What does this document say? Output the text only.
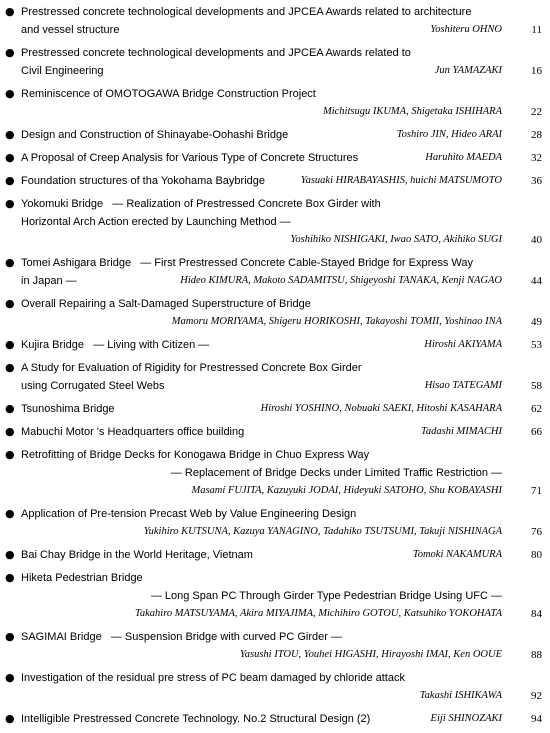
● Prestressed concrete technological developments and JPCEA Awards related to architecture
and vessel structure	Yoshiteru OHNO	11
● Prestressed concrete technological developments and JPCEA Awards related to
Civil Engineering	Jun YAMAZAKI	16
● Reminiscence of OMOTOGAWA Bridge Construction Project
Michitsugu IKUMA, Shigetaka ISHIHARA	22
● Design and Construction of Shinayabe-Oohashi Bridge	Toshiro JIN, Hideo ARAI	28
● A Proposal of Creep Analysis for Various Type of Concrete Structures	Haruhito MAEDA	32
● Foundation structures of tha Yokohama Baybridge	Yasuaki HIRABAYASHIS, huichi MATSUMOTO	36
● Yokomuki Bridge   — Realization of Prestressed Concrete Box Girder with
Horizontal Arch Action erected by Launching Method —
Yoshihiko NISHIGAKI, Iwao SATO, Akihiko SUGI	40
● Tomei Ashigara Bridge   — First Prestressed Concrete Cable-Stayed Bridge for Express Way
in Japan —	Hideo KIMURA, Makoto SADAMITSU, Shigeyoshi TANAKA, Kenji NAGAO	44
● Overall Repairing a Salt-Damaged Superstructure of Bridge
Mamoru MORIYAMA, Shigeru HORIKOSHI, Takayoshi TOMII, Yoshinao INA	49
● Kujira Bridge   — Living with Citizen —	Hiroshi AKIYAMA	53
● A Study for Evaluation of Rigidity for Prestressed Concrete Box Girder
using Corrugated Steel Webs	Hisao TATEGAMI	58
● Tsunoshima Bridge	Hiroshi YOSHINO, Nobuaki SAEKI, Hitoshi KASAHARA	62
● Mabuchi Motor 's Headquarters office building	Tadashi MIMACHI	66
● Retrofitting of Bridge Decks for Konogawa Bridge in Chuo Express Way
— Replacement of Bridge Decks under Limited Traffic Restriction —
Masami FUJITA, Kazuyuki JODAI, Hideyuki SATOHO, Shu KOBAYASHI	71
● Application of Pre-tension Precast Web by Value Engineering Design
Yukihiro KUTSUNA, Kazuya YANAGINO, Tadahiko TSUTSUMI, Takuji NISHINAGA	76
● Bai Chay Bridge in the World Heritage, Vietnam	Tomoki NAKAMURA	80
● Hiketa Pedestrian Bridge
— Long Span PC Through Girder Type Pedestrian Bridge Using UFC —
Takahiro MATSUYAMA, Akira MIYAJIMA, Michihiro GOTOU, Katsuhiko YOKOHATA	84
● SAGIMAI Bridge   — Suspension Bridge with curved PC Girder —
Yasushi ITOU, Youhei HIGASHI, Hirayoshi IMAI, Ken OOUE	88
● Investigation of the residual pre stress of PC beam damaged by chloride attack
Takashi ISHIKAWA	92
● Intelligible Prestressed Concrete Technology. No.2 Structural Design (2)	Eiji SHINOZAKI	94
